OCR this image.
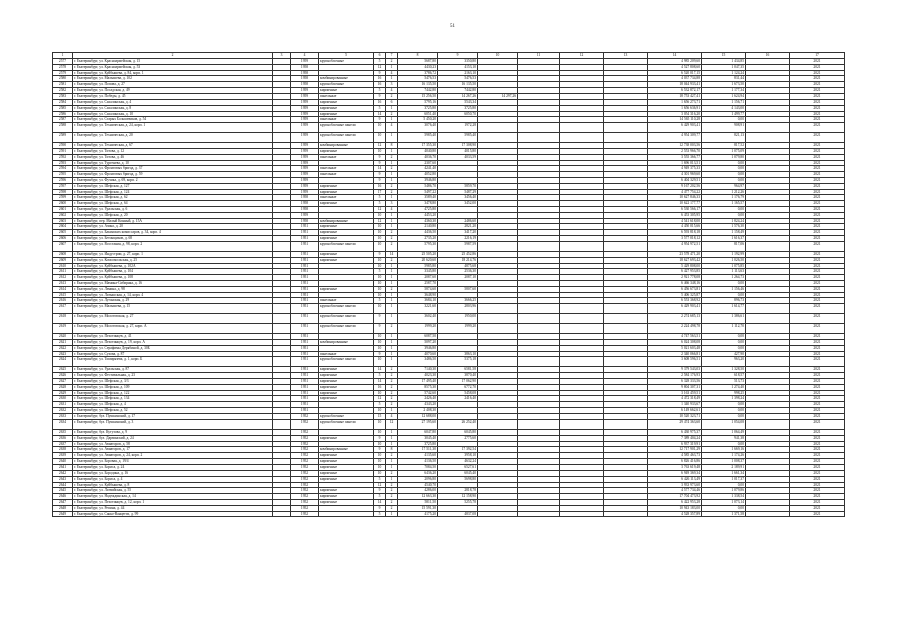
51
1	2	3	4	5	6	7	8	9	10	11	12	13	14	15	16	17
2577	г. Екатеринбург, ул. Красноармейская, д. 15		1959	крупноблочные	5	2	5687,80	3350,80					4 985 209,60	1 434,85		2021
2578	г. Екатеринбург, ул. Красноармейская, д. 53		1958		12	1	4430,23	4153,10					4 527 808,60	1 047,35		2021
2579	г. Екатеринбург, ул. Куйбышева, д. 84, корп. 1		1958		9	4	3786,72	2163,10					6 520 017,15	1 124,24		2021
2580	г. Екатеринбург, ул. Малышева, д. 102		1958	комбинированные	16	1	5476,53	5476,53					4 037 734,88	831,44		2021
2581	г. Екатеринбург, ул. Попова, д. 27		1958	крупноблочные	16	3	16 135,50	16 135,50					18 044 933,41	1 673,50		2021
2582	г. Екатеринбург, ул. Посадская, д. 49		1959	кирпичные	5	4	7442,80	7442,80					6 532 872,17	1 177,34		2021
2583	г. Екатеринбург, ул. Победы, д. 45		1959	панельные	9	2	15 256,50	14 267,26	14 297,26				18 753 427,41	1 624,94		2021
2584	г. Екатеринбург, ул. Сахалинская, д. 4		1959	кирпичные	16	6	5795,16	5543,34					1 656 273,71	1 156,71		2021
2585	г. Екатеринбург, ул. Сахалинская, д. 8		1959	кирпичные	5	1	3725,80	3725,80					1 656 636,91	4 143,00		2021
2586	г. Екатеринбург, ул. Сахалинская, д. 10		1959	кирпичные	14	2	6051,40	6050,70					3 054 316,20	1 499,77		2021
2587	г. Екатеринбург, ул. Старых Большевиков, д. 54		1959	панельные	9	1	5 450,20						14 565 110,28	0,00		2021
2588	г. Екатеринбург, ул. Техническая, д. 24, корп. 1		1959	крупноблочные панели	10	4	3076,40	1972,28					6 429 903,41	908,91		2021
2589	г. Екатеринбург, ул. Техническая, д. 20		1959	крупноблочные панели	10	1	5985,40	5985,40					4 954 309,77	821,13		2021
2590	г. Екатеринбург, ул. Техническая, д. 67		1959	комбинированные	12	8	17 355,30	17 308,90					12 738 003,56	817,52		2021
2591	г. Екатеринбург, ул. Титова, д. 12		1959	кирпичные	10	1	4040,80	4015,80					2 553 966,70	1 075,09		2021
2592	г. Екатеринбург, ул. Титова, д. 46		1959	панельные	9	2	4036,70	4033,59					3 555 366,77	1 079,80		2021
2593	г. Екатеринбург, ул. Тургенева, д. 10		1959		9	1	2307,60						1 696 013,51	0,00		2021
2594	г. Екатеринбург, ул. Фронтовых бригад, д. 37		1959	панельные	14	2	4241,40						4 949 375,33	0,00		2021
2595	г. Екатеринбург, ул. Фронтовых бригад, д. 59		1959	панельные	9	1	4052,80						4 301 969,60	0,00		2021
2596	г. Екатеринбург, ул. Фучика, д. 69, корп. 2		1959		9	1	3946,80						6 404 329,51	0,00		2021
2597	г. Екатеринбург, ул. Шефская, д. 127		1959	кирпичные	16	2	5486,70	5859,70					9 167 202,56	964,97		2021
2598	г. Екатеринбург, ул. Шефская, д. 124		1959	кирпичные	17	2	5497,22	5487,29					4 477 754,22	1 212,26		2021
2599	г. Екатеринбург, ул. Шефская, д. 62		1958	панельные	5	1	3589,40	3456,40					10 627 846,33	1 176,79		2021
2600	г. Екатеринбург, ул. Шефская, д. 64		1958	кирпичные	5	3	3478,80	3452,00					10 622 177,77	1 165,57		2021
2601	г. Екатеринбург, ул. Уральская, д. 6		1958		12	4	4725,80						6 530 566,17	0,00		2021
2602	г. Екатеринбург, ул. Шефская, д. 20		1959		10	1	4453,20						6 453 305,95	0,00		2021
2603	г. Екатеринбург, пер. Малый Конный, д. 15А		1958	комбинированные	12	1	4360,30	2486,60					4 541 618,00	1 824,24		2021
2604	г. Екатеринбург, ул. Азина, д. 20		1951	кирпичные	10	1	2140,80	2821,20					4 450 015,66	1 576,30		2021
2605	г. Екатеринбург, ул. Бакинских комиссаров, д. 34, корп. 4		1951	кирпичные	10	2	4436,50	3417,20					6 593 818,18	1 158,49		2021
2606	г. Екатеринбург, ул. Бетонщиков, д. 68		1951	кирпичные	10	2	2735,20	2216,19					3 577 018,12	1 616,37		2021
2607	г. Екатеринбург, ул. Восстания, д. 98, корп. 2		1951	крупноблочные панели	10	2	5795,30	5987,59					4 954 972,51	817,06		2021
2608	г. Екатеринбург, ул. Индустрии, д. 27, корп. 1		1951	кирпичные	9	14	25 505,20	25 452,86					23 578 471,20	1 192,99		2021
2609	г. Екатеринбург, ул. Комсомольская, д. 25		1951	кирпичные	10	2	20 620,60	18 214,76					18 627 693,42	1 026,50		2021
2610	г. Екатеринбург, ул. Куйбышева, д. 102А		1951		10	1	5985,80	4875,68					5 429 808,00	1 075,85		2021
2611	г. Екатеринбург, ул. Куйбышева, д. 104		1951		5	1	3345,80	2536,30					6 427 953,85	1 113,63		2021
2612	г. Екатеринбург, ул. Куйбышева, д. 108		1951		10	1	2087,60	2087,10					2 921 778,08	1 264,73		2021
2613	г. Екатеринбург, ул. Мамина-Сибиряка, д. 16		1951		10	1	2587,70						6 466 348,16	0,00		2021
2614	г. Екатеринбург, ул. Ленина, д. 98		1951	кирпичные	10	2	5874,60	5807,60					6 456 673,81	1 156,46		2021
2615	г. Екатеринбург, ул. Латышская, д. 14, корп. 4		1951		10	1	3648,90						5 406 325,87	0,00		2021
2616	г. Екатеринбург, ул. Луганская, д. 29		1951	панельные	5	1	3684,10	3666,25					6 553 368,92	896,73		2021
2617	г. Екатеринбург, ул. Малышева, д. 15		1951	крупноблочные панели	10	1	3221,60	2803,96					6 429 903,41	1 614,77		2021
2618	г. Екатеринбург, ул. Молотовская, д. 27		1951	крупноблочные панели	9	1	3602,40	1950,00					2 274 685,13	1 386,61		2021
2619	г. Екатеринбург, ул. Молотовская, д. 27, корп. А		1951	крупноблочные панели	9	2	1999,20	1999,20					2 224 498,78	1 112,70		2021
2620	г. Екатеринбург, ул. Пехотинцев, д. 41		1951		10	1	6087,50						4 747 563,51	0,00		2021
2621	г. Екатеринбург, ул. Пехотинцев, д. 19, корп. А		1951	комбинированные	10	1	5097,20						6 024 308,08	0,00		2021
2622	г. Екатеринбург, ул. Серафимы Дерябиной, д. 30Б		1951		10	1	3946,80						5 021 603,48	0,00		2021
2623	г. Екатеринбург, ул. Сухова, д. 87		1951	панельные	9	1	4070,60	3863,10					2 340 066,81	427,90		2021
2624	г. Екатеринбург, ул. Тимирязева, д. 1, корп. Б		1951	крупноблочные панели	10	1	3486,50	5375,18					3 608 596,51	963,20		2021
2625	г. Екатеринбург, ул. Уральская, д. 87		1951	кирпичные	14	2	7140,30	6581,58					9 379 543,03	1 328,50		2021
2626	г. Екатеринбург, ул. Фестивальная, д. 23		1951	кирпичные	5	2	4023,30	3870,40					2 584 176,93	618,57		2021
2627	г. Екатеринбург, ул. Шефская, д. 3/3		1951	кирпичные	14	2	17 495,40	17 062,90					6 328 333,56	513,73		2021
2628	г. Екатеринбург, ул. Шефская, д. 109		1951	кирпичные	16	2	8575,30	6772,70					9 804 307,31	1 274,40		2021
2629	г. Екатеринбург, ул. Шефская, д. 122		1951	кирпичные	10	2	5742,60	5458,08					3 163 459,51	998,25		2021
2630	г. Екатеринбург, ул. Шефская, д. 134		1951	кирпичные	12	2	2426,40	2416,40					4 472 318,49	1 398,24		2021
2631	г. Екатеринбург, ул. Шефская, д. 4		1951		5	2	4343,20						1 340 933,67	0,00		2021
2632	г. Екатеринбург, ул. Шефская, д. 52		1951		10	1	2 408,30						6 149 662,61	0,00		2021
2633	г. Екатеринбург, бул. Пушкинский, д. 17		1952	крупноблочные	15	4	12 688,00						10 520 323,71	0,00		2021
2634	г. Екатеринбург, бул. Пушкинский, д. 3		1952	крупноблочные панели	10	12	27 195,60	26 252,40					29 474 363,60	1 054,08		2021
2635	г. Екатеринбург, бул. Кутузова, д. 9		1952		10	1	6047,80	6045,80					6 430 975,37	1 064,49		2021
2636	г. Екатеринбург, бул. Дарвинский, д. 24		1952	кирпичные	9	1	3045,40	2775,60					7 389 404,24	941,38		2021
2637	г. Екатеринбург, ул. Авиаторов, д. 58		1952		10	1	3725,80						6 937 319,91	0,00		2021
2638	г. Екатеринбург, ул. Авиаторов, д. 17		1952	комбинированные	9	8	17 511,30	17 392,54					12 717 901,29	1 669,16		2021
2639	г. Екатеринбург, ул. Авиаторов, д. 24, корп. 2		1952	кирпичные	10	2	4135,60	3958,10					4 585 463,73	1 174,26		2021
2640	г. Екатеринбург, ул. Боровая, д. 19/4		1952	кирпичные	10	1	4136,50	4632,24					6 826 416,86	1 008,37		2021
2641	г. Екатеринбург, ул. Бориса, д. 24		1952	кирпичные	10	1	7084,50	6527,61					3 763 619,48	2 189,91		2021
2642	г. Екатеринбург, ул. Бородина, д. 16		1952	кирпичные	10	2	6436,20	6045,40					6 949 369,34	1 661,34		2021
2643	г. Екатеринбург, ул. Бориса, д. 4		1952	кирпичные	5	1	2096,80	5698,80					6 426 113,49	1 017,37		2021
2644	г. Екатеринбург, ул. Куйбышева, д. 8		1952		12	2	4540,70						3 933 973,60	0,00		2021
2645	г. Екатеринбург, ул. Латвийская, д. 55		1952	кирпичные	9	2	4286,00	2818,78					4 577 734,46	1 079,86		2021
2646	г. Екатеринбург, ул. Надеждинская, д. 14		1952	кирпичные	5	2	12 663,30	12 158,90					17 704 473,92	1 338,54		2021
2647	г. Екатеринбург, ул. Пехотинцев, д. 12, корп. 1		1952	кирпичные	14	2	5811,50	5255,78					6 422 953,28	1 073,14		2021
2648	г. Екатеринбург, ул. Репина, д. 44		1952		9	2	15 591,30						10 943 183,00	0,00		2021
2649	г. Екатеринбург, ул. Сакко-Ванцетти, д. 99		1952		5	1	4175,20	4837,08					4 528 357,89	1 371,58		2021
